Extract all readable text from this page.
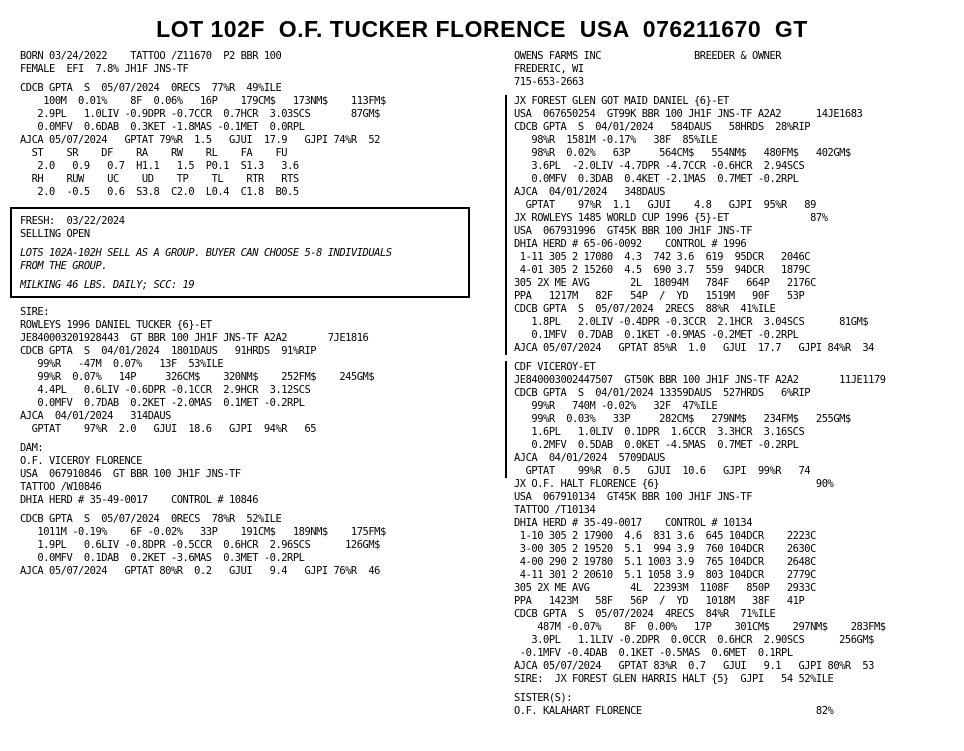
LOT 102F  O.F. TUCKER FLORENCE  USA  076211670  GT
BORN 03/24/2022    TATTOO /Z11670  P2 BBR 100
FEMALE  EFI  7.8% JH1F JNS-TF
CDCB GPTA  S  05/07/2024  0RECS  77%R  49%ILE
100M  0.01%    8F  0.06%   16P    179CM$   173NM$    113FM$
2.9PL   1.0LIV -0.9DPR -0.7CCR  0.7HCR  3.03SCS       87GM$
0.0MFV  0.6DAB  0.3KET -1.8MAS -0.1MET  0.0RPL
AJCA 05/07/2024   GPTAT 79%R  1.5   GJUI  17.9   GJPI 74%R  52
ST    SR    DF    RA    RW    RL    FA    FU
2.0   0.9   0.7  H1.1   1.5  P0.1  S1.3   3.6
RH    RUW    UC    UD    TP    TL    RTR   RTS
2.0  -0.5   0.6  S3.8  C2.0  L0.4  C1.8  B0.5
FRESH:  03/22/2024
SELLING OPEN
LOTS 102A-102H SELL AS A GROUP. BUYER CAN CHOOSE 5-8 INDIVIDUALS
FROM THE GROUP.
MILKING 46 LBS. DAILY; SCC: 19
SIRE:
ROWLEYS 1996 DANIEL TUCKER {6}-ET
JE840003201928443  GT BBR 100 JH1F JNS-TF A2A2       7JE1816
CDCB GPTA  S  04/01/2024  1801DAUS   91HRDS  91%RIP
99%R   -47M  0.07%   13F  53%ILE
99%R  0.07%   14P     326CM$    320NM$    252FM$    245GM$
4.4PL   0.6LIV -0.6DPR -0.1CCR  2.9HCR  3.12SCS
0.0MFV  0.7DAB  0.2KET -2.0MAS  0.1MET -0.2RPL
AJCA  04/01/2024   314DAUS
GPTAT    97%R  2.0   GJUI  18.6   GJPI  94%R   65
DAM:
O.F. VICEROY FLORENCE
USA  067910846  GT BBR 100 JH1F JNS-TF
TATTOO /W10846
DHIA HERD # 35-49-0017    CONTROL # 10846
CDCB GPTA  S  05/07/2024  0RECS  78%R  52%ILE
1011M -0.19%    6F -0.02%   33P    191CM$   189NM$    175FM$
1.9PL   0.6LIV -0.8DPR -0.5CCR  0.6HCR  2.96SCS      126GM$
0.0MFV  0.1DAB  0.2KET -3.6MAS  0.3MET -0.2RPL
AJCA 05/07/2024   GPTAT 80%R  0.2   GJUI   9.4   GJPI 76%R  46
OWENS FARMS INC                BREEDER & OWNER
FREDERIC, WI
715-653-2663
JX FOREST GLEN GOT MAID DANIEL {6}-ET
USA  067650254  GT99K BBR 100 JH1F JNS-TF A2A2      14JE1683
CDCB GPTA  S  04/01/2024   584DAUS   58HRDS  28%RIP
98%R  1581M -0.17%   38F  85%ILE
98%R  0.02%   63P     564CM$   554NM$   480FM$   402GM$
3.6PL  -2.0LIV -4.7DPR -4.7CCR -0.6HCR  2.94SCS
0.0MFV  0.3DAB  0.4KET -2.1MAS  0.7MET -0.2RPL
AJCA  04/01/2024   348DAUS
GPTAT    97%R  1.1   GJUI    4.8   GJPI  95%R   89
JX ROWLEYS 1485 WORLD CUP 1996 {5}-ET              87%
USA  067931996  GT45K BBR 100 JH1F JNS-TF
DHIA HERD # 65-06-0092    CONTROL # 1996
1-11 305 2 17080  4.3  742 3.6  619  95DCR   2046C
4-01 305 2 15260  4.5  690 3.7  559  94DCR   1879C
305 2X ME AVG       2L  18094M   784F   664P   2176C
PPA   1217M   82F   54P  /  YD   1519M   90F   53P
CDCB GPTA  S  05/07/2024  2RECS  88%R  41%ILE
1.8PL   2.0LIV -0.4DPR -0.3CCR  2.1HCR  3.04SCS      81GM$
0.1MFV  0.7DAB  0.1KET -0.9MAS -0.2MET -0.2RPL
AJCA 05/07/2024   GPTAT 85%R  1.0   GJUI  17.7   GJPI 84%R  34
CDF VICEROY-ET
JE840003002447507  GT50K BBR 100 JH1F JNS-TF A2A2       11JE1179
CDCB GPTA  S  04/01/2024 13359DAUS  527HRDS   6%RIP
99%R   740M -0.02%   32F  47%ILE
99%R  0.03%   33P     282CM$   279NM$   234FM$   255GM$
1.6PL   1.0LIV  0.1DPR  1.6CCR  3.3HCR  3.16SCS
0.2MFV  0.5DAB  0.0KET -4.5MAS  0.7MET -0.2RPL
AJCA  04/01/2024  5709DAUS
GPTAT    99%R  0.5   GJUI  10.6   GJPI  99%R   74
JX O.F. HALT FLORENCE {6}                           90%
USA  067910134  GT45K BBR 100 JH1F JNS-TF
TATTOO /T10134
DHIA HERD # 35-49-0017    CONTROL # 10134
1-10 305 2 17900  4.6  831 3.6  645 104DCR    2223C
3-00 305 2 19520  5.1  994 3.9  760 104DCR    2630C
4-00 290 2 19780  5.1 1003 3.9  765 104DCR    2648C
4-11 301 2 20610  5.1 1058 3.9  803 104DCR    2779C
305 2X ME AVG       4L  22393M  1108F   850P   2933C
PPA   1423M   58F   56P  /  YD   1018M   38F   41P
CDCB GPTA  S  05/07/2024  4RECS  84%R  71%ILE
487M -0.07%    8F  0.00%   17P    301CM$    297NM$    283FM$
3.0PL   1.1LIV -0.2DPR  0.0CCR  0.6HCR  2.90SCS      256GM$
-0.1MFV -0.4DAB  0.1KET -0.5MAS  0.6MET  0.1RPL
AJCA 05/07/2024   GPTAT 83%R  0.7   GJUI   9.1   GJPI 80%R  53
SIRE:  JX FOREST GLEN HARRIS HALT {5}  GJPI   54 52%ILE
SISTER(S):
O.F. KALAHART FLORENCE                              82%
